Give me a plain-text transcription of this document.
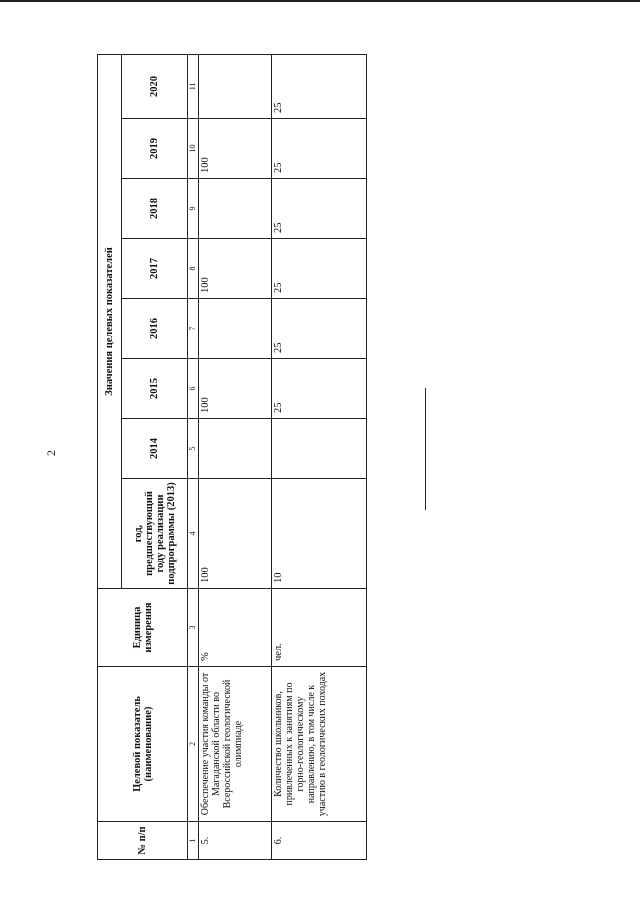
2
№ п/п	Целевой показатель (наименование)	Единица измерения	Значения целевых показателей							
			год, предшествующий году реализации подпрограммы (2013)	2014	2015	2016	2017	2018	2019	2020
1	2	3	4	5	6	7	8	9	10	11
5.	Обеспечение участия команды от Магаданской области во Всероссийской геологической олимпиаде	%	100		100		100		100	
6.	Количество школьников, привлеченных к занятиям по горно-геологическому направлению, в том числе к участию в геологических походах	чел.	10		25	25	25	25	25	25
